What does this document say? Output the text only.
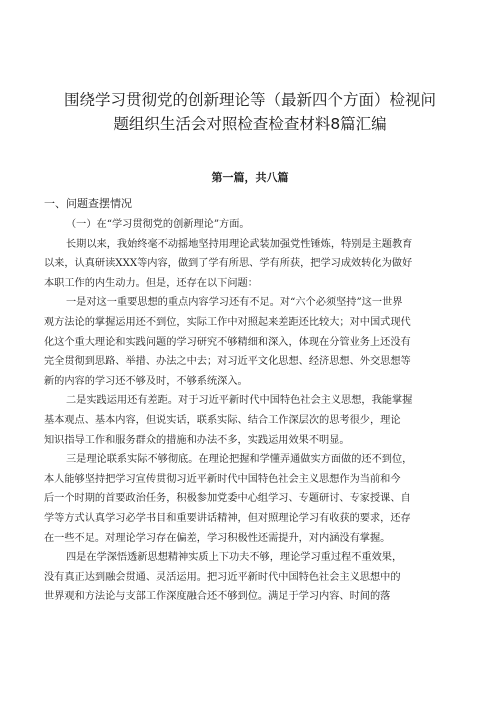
围绕学习贯彻党的创新理论等（最新四个方面）检视问
题组织生活会对照检查检查材料8篇汇编
第一篇，共八篇
一、问题查摆情况
（一）在“学习贯彻党的创新理论”方面。
长期以来，我始终毫不动摇地坚持用理论武装加强党性锤炼，特别是主题教育
以来，认真研读XXX等内容，做到了学有所思、学有所获，把学习成效转化为做好
本职工作的内生动力。但是，还存在以下问题：
一是对这一重要思想的重点内容学习还有不足。对“六个必须坚持”这一世界
观方法论的掌握运用还不到位，实际工作中对照起来差距还比较大；对中国式现代
化这个重大理论和实践问题的学习研究不够精细和深入，体现在分管业务上还没有
完全贯彻到思路、举措、办法之中去；对习近平文化思想、经济思想、外交思想等
新的内容的学习还不够及时，不够系统深入。
二是实践运用还有差距。对于习近平新时代中国特色社会主义思想，我能掌握
基本观点、基本内容，但说实话，联系实际、结合工作深层次的思考很少，理论
知识指导工作和服务群众的措施和办法不多，实践运用效果不明显。
三是理论联系实际不够彻底。在理论把握和学懂弄通做实方面做的还不到位，
本人能够坚持把学习宣传贯彻习近平新时代中国特色社会主义思想作为当前和今
后一个时期的首要政治任务，积极参加党委中心组学习、专题研讨、专家授课、自
学等方式认真学习必学书目和重要讲话精神，但对照理论学习有收获的要求，还存
在一些不足。对理论学习存在偏差，学习积极性还需提升，对内涵没有掌握。
四是在学深悟透新思想精神实质上下功夫不够，理论学习重过程不重效果，
没有真正达到融会贯通、灵活运用。把习近平新时代中国特色社会主义思想中的
世界观和方法论与支部工作深度融合还不够到位。满足于学习内容、时间的落
